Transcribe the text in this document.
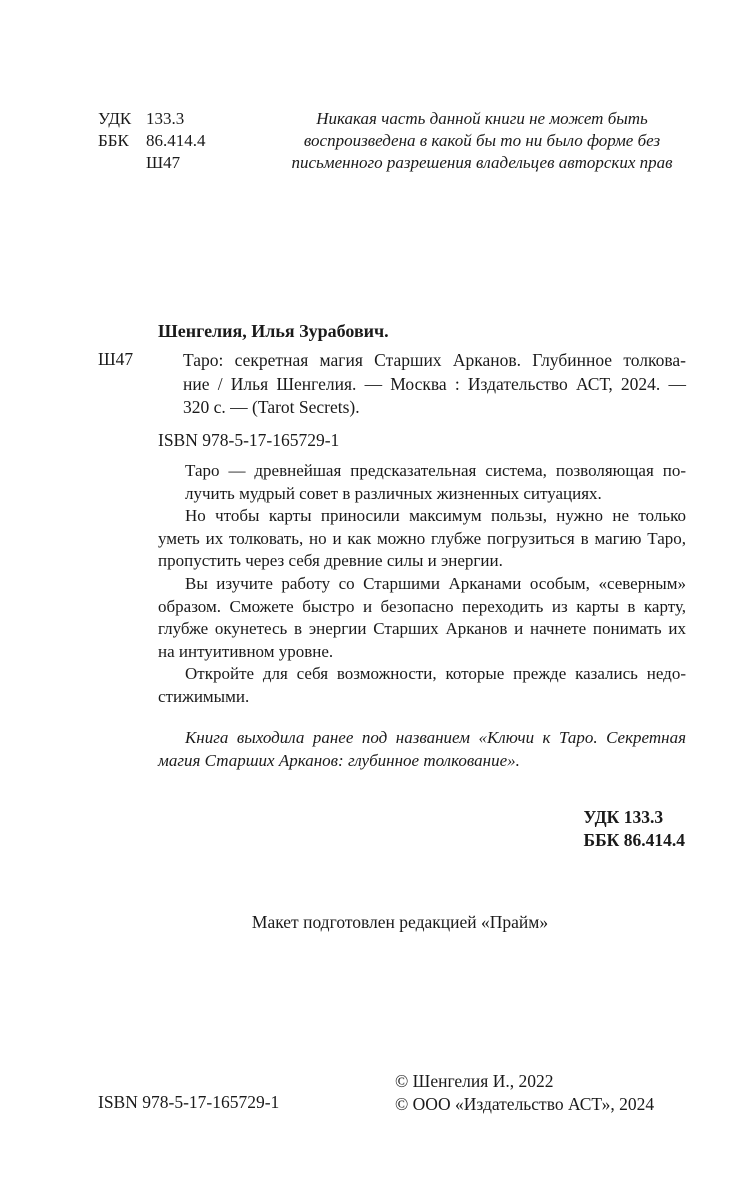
УДК 133.3
ББК	86.414.4
Ш47
Никакая часть данной книги не может быть
воспроизведена в какой бы то ни было форме без
письменного разрешения владельцев авторских прав
Шенгелия, Илья Зурабович.
Ш47	Таро: секретная магия Старших Арканов. Глубинное толкова-
ние / Илья Шенгелия. — Москва : Издательство АСТ, 2024. —
320 с. — (Tarot Secrets).
ISBN 978-5-17-165729-1

Таро — древнейшая предсказательная система, позволяющая по-
лучить мудрый совет в различных жизненных ситуациях.

Но чтобы карты приносили максимум пользы, нужно не только
уметь их толковать, но и как можно глубже погрузиться в магию Таро,
пропустить через себя древние силы и энергии.

Вы изучите работу со Старшими Арканами особым, «северным»
образом. Сможете быстро и безопасно переходить из карты в карту,
глубже окунетесь в энергии Старших Арканов и начнете понимать их
на интуитивном уровне.

Откройте для себя возможности, которые прежде казались недо-
стижимыми.

Книга выходила ранее под названием «Ключи к Таро. Секретная
магия Старших Арканов: глубинное толкование».
УДК 133.3
ББК 86.414.4
Макет подготовлен редакцией «Прайм»
© Шенгелия И., 2022
© ООО «Издательство АСТ», 2024
ISBN 978-5-17-165729-1
